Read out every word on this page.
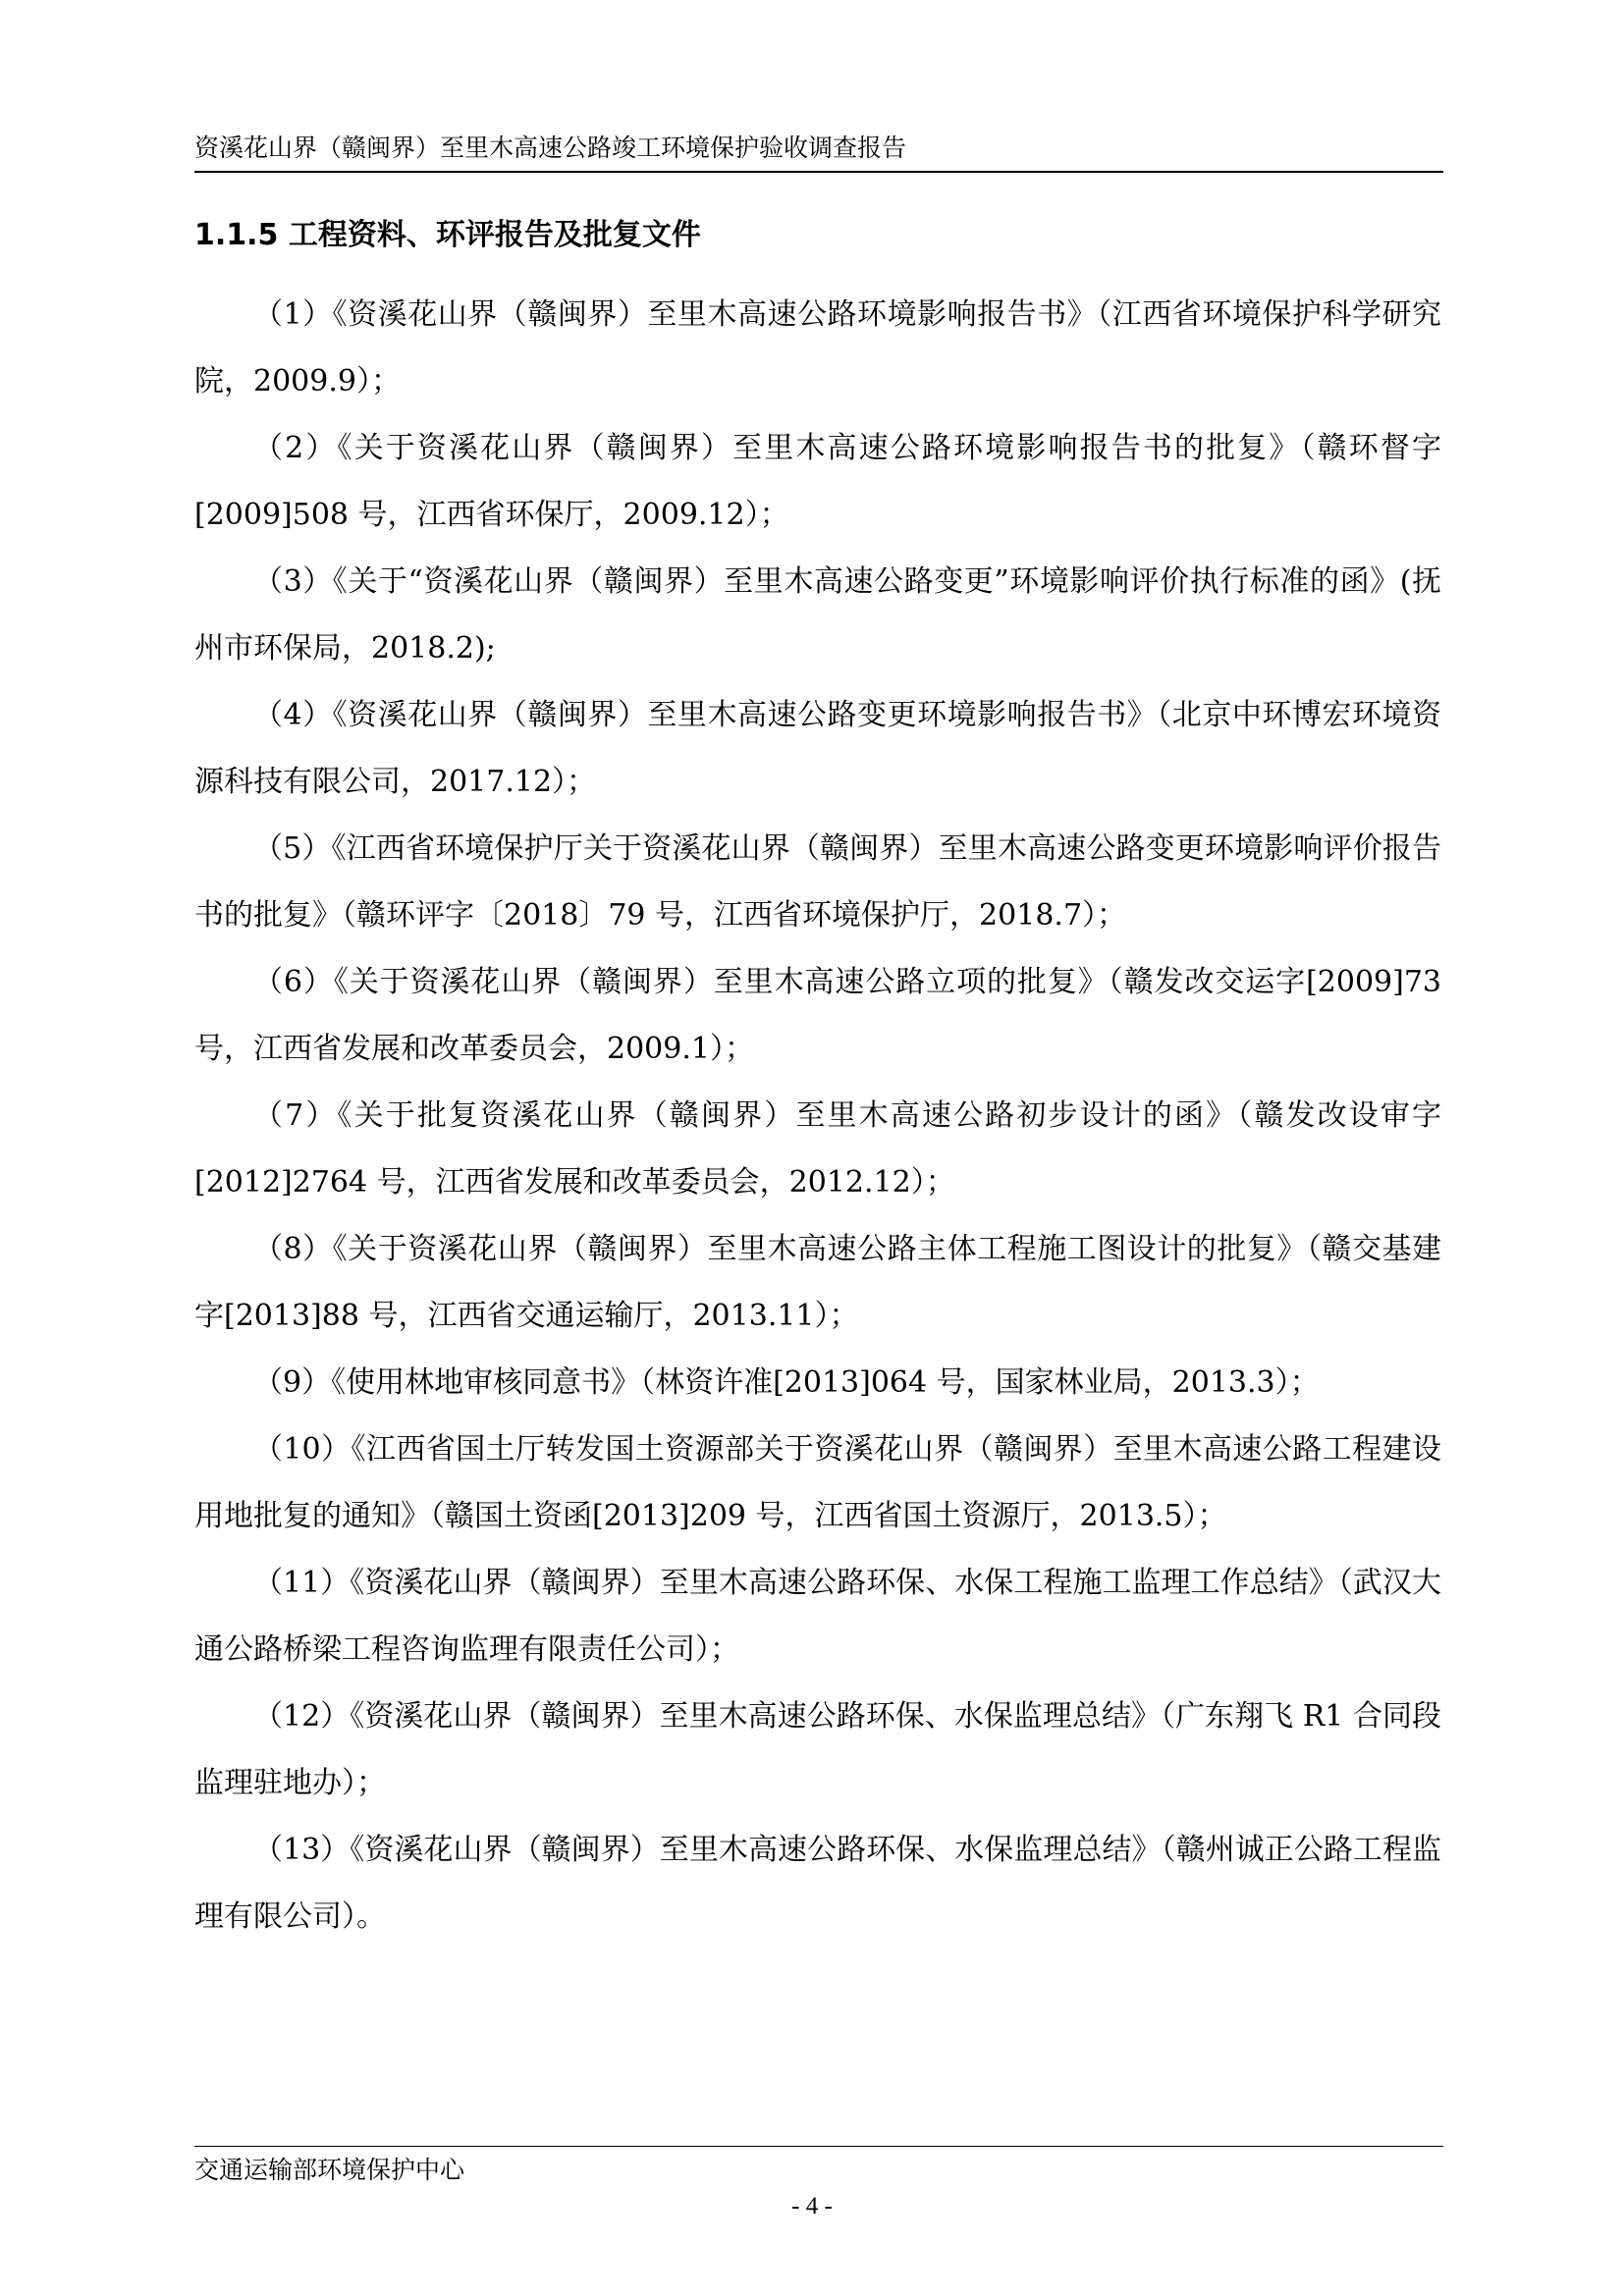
资溪花山界（赣闽界）至里木高速公路竣工环境保护验收调查报告
1.1.5 工程资料、环评报告及批复文件
（1）《资溪花山界（赣闽界）至里木高速公路环境影响报告书》（江西省环境保护科学研究院，2009.9）；
（2）《关于资溪花山界（赣闽界）至里木高速公路环境影响报告书的批复》（赣环督字[2009]508 号，江西省环保厅，2009.12）；
（3）《关于“资溪花山界（赣闽界）至里木高速公路变更”环境影响评价执行标准的函》(抚州市环保局，2018.2);
（4）《资溪花山界（赣闽界）至里木高速公路变更环境影响报告书》（北京中环博宏环境资源科技有限公司，2017.12）；
（5）《江西省环境保护厅关于资溪花山界（赣闽界）至里木高速公路变更环境影响评价报告书的批复》（赣环评字〔2018〕79 号，江西省环境保护厅，2018.7）；
（6）《关于资溪花山界（赣闽界）至里木高速公路立项的批复》（赣发改交运字[2009]73 号，江西省发展和改革委员会，2009.1）；
（7）《关于批复资溪花山界（赣闽界）至里木高速公路初步设计的函》（赣发改设审字[2012]2764 号，江西省发展和改革委员会，2012.12）；
（8）《关于资溪花山界（赣闽界）至里木高速公路主体工程施工图设计的批复》（赣交基建字[2013]88 号，江西省交通运输厅，2013.11）；
（9）《使用林地审核同意书》（林资许准[2013]064 号，国家林业局，2013.3）；
（10）《江西省国土厅转发国土资源部关于资溪花山界（赣闽界）至里木高速公路工程建设用地批复的通知》（赣国土资函[2013]209 号，江西省国土资源厅，2013.5）；
（11）《资溪花山界（赣闽界）至里木高速公路环保、水保工程施工监理工作总结》（武汉大通公路桥梁工程咨询监理有限责任公司）；
（12）《资溪花山界（赣闽界）至里木高速公路环保、水保监理总结》（广东翔飞 R1 合同段监理驻地办）；
（13）《资溪花山界（赣闽界）至里木高速公路环保、水保监理总结》（赣州诚正公路工程监理有限公司）。
交通运输部环境保护中心
- 4 -
